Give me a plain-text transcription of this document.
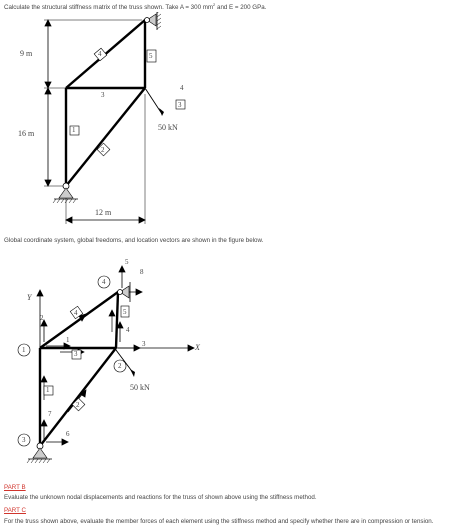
Calculate the structural stiffness matrix of the truss shown. Take A = 300 $mm^2$ and E = 200 GPa.
9 m
16 m
12 m
50 kN
1
2
3
4	5
4
3
Global coordinate system, global freedoms, and location vectors are shown in the figure below.
Y
X
50 kN
1
3
2
4
1
2
3
4	5
1
2
3
4
5
6
7
8
PART B
Evaluate the unknown nodal displacements and reactions for the truss of shown above using the stiffness method.
PART C
For the truss shown above, evaluate the member forces of each element using the stiffness method and specify whether there are in compression or tension.
